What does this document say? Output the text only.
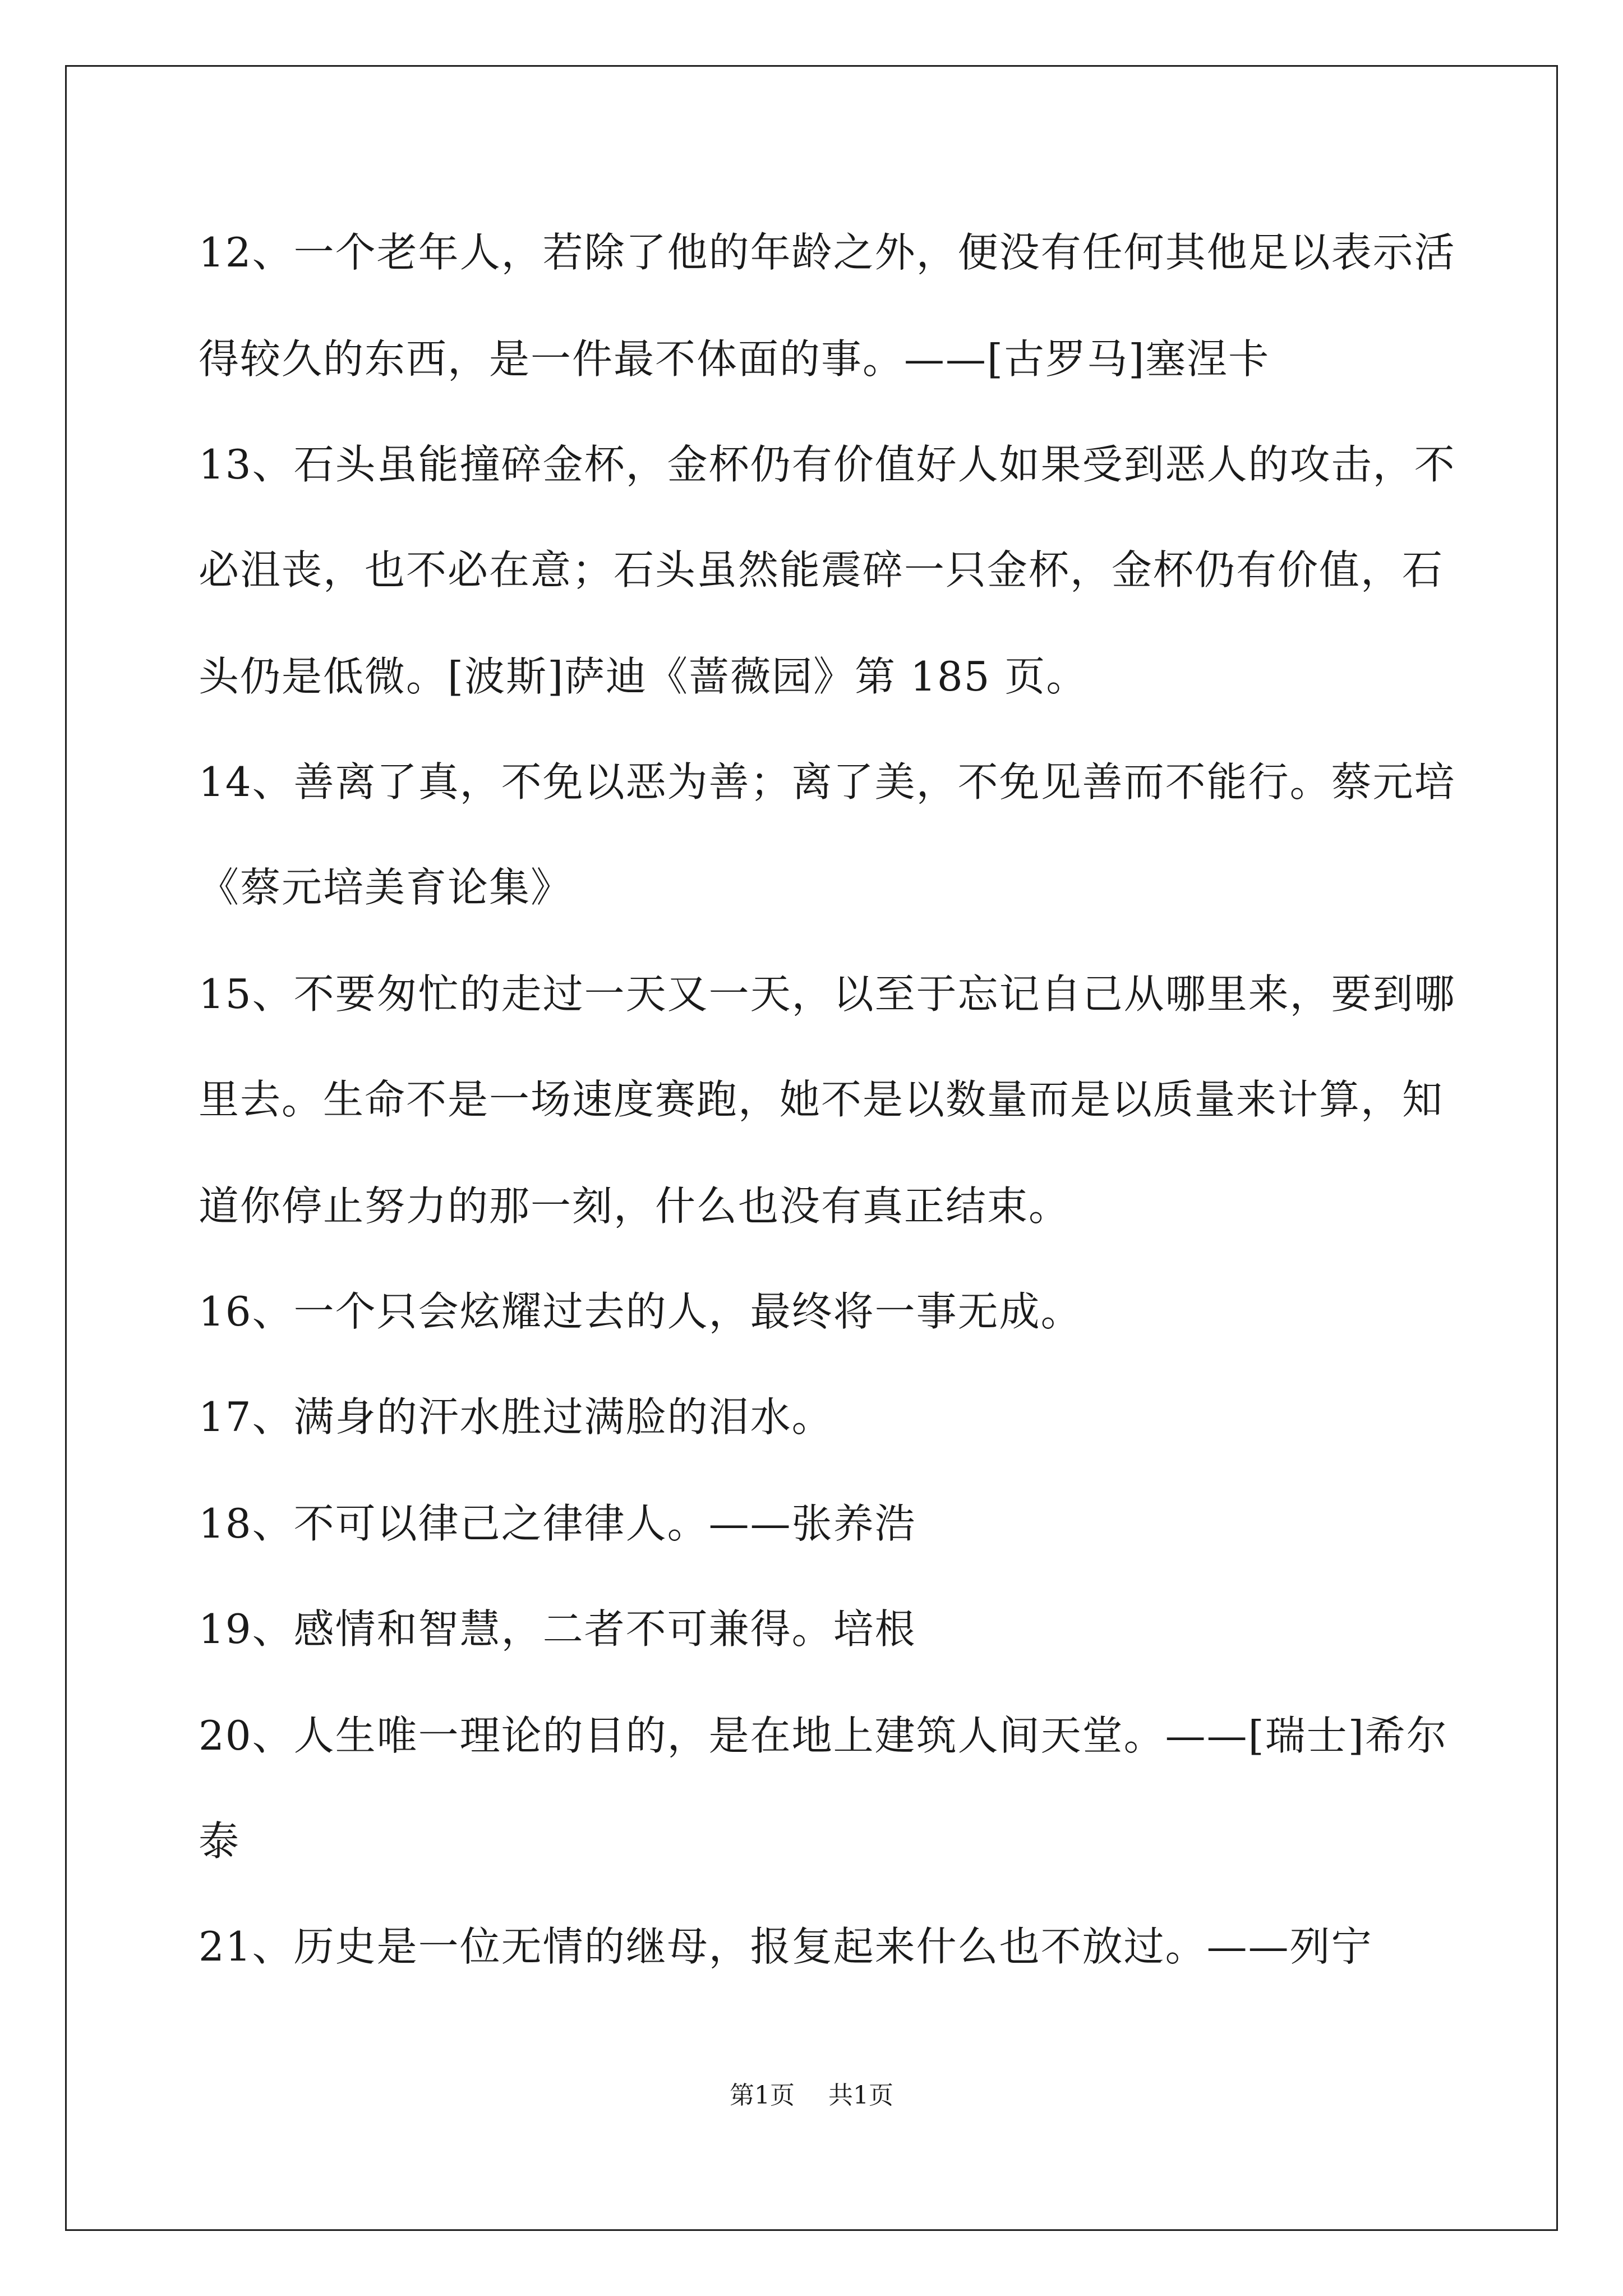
12、一个老年人，若除了他的年龄之外，便没有任何其他足以表示活
得较久的东西，是一件最不体面的事。——[古罗马]塞涅卡
13、石头虽能撞碎金杯，金杯仍有价值好人如果受到恶人的攻击，不
必沮丧，也不必在意；石头虽然能震碎一只金杯，金杯仍有价值，石
头仍是低微。[波斯]萨迪《蔷薇园》第 185 页。
14、善离了真，不免以恶为善；离了美，不免见善而不能行。蔡元培
《蔡元培美育论集》
15、不要匆忙的走过一天又一天，以至于忘记自己从哪里来，要到哪
里去。生命不是一场速度赛跑，她不是以数量而是以质量来计算，知
道你停止努力的那一刻，什么也没有真正结束。
16、一个只会炫耀过去的人，最终将一事无成。
17、满身的汗水胜过满脸的泪水。
18、不可以律己之律律人。——张养浩
19、感情和智慧，二者不可兼得。培根
20、人生唯一理论的目的，是在地上建筑人间天堂。——[瑞士]希尔
泰
21、历史是一位无情的继母，报复起来什么也不放过。——列宁
第1页 共1页
